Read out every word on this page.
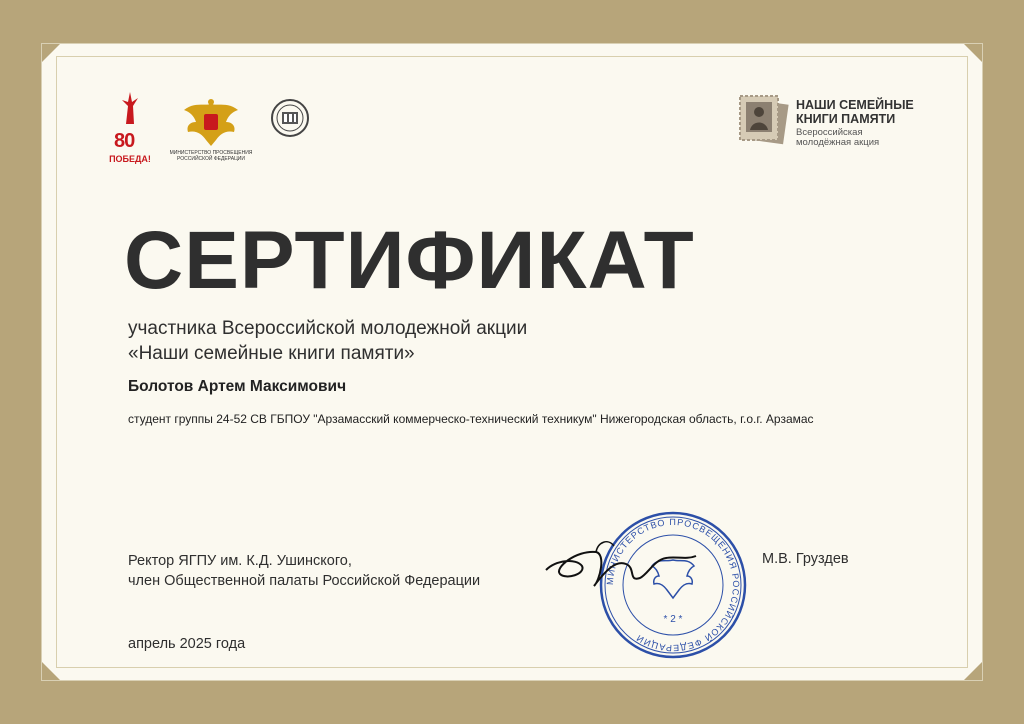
80
ПОБЕДА!
МИНИСТЕРСТВО ПРОСВЕЩЕНИЯ
РОССИЙСКОЙ ФЕДЕРАЦИИ
НАШИ СЕМЕЙНЫЕ
КНИГИ ПАМЯТИ
Всероссийская
молодёжная акция
СЕРТИФИКАТ
участника Всероссийской молодежной акции
«Наши семейные книги памяти»
Болотов Артем Максимович
студент группы 24-52 СВ ГБПОУ "Арзамасский коммерческо-технический техникум" Нижегородская область, г.о.г. Арзамас
Ректор ЯГПУ им. К.Д. Ушинского,
член Общественной палаты Российской Федерации	МИНИСТЕРСТВО ПРОСВЕЩЕНИЯ РОССИЙСКОЙ ФЕДЕРАЦИИ
* 2 *
М.В. Груздев
апрель 2025 года
